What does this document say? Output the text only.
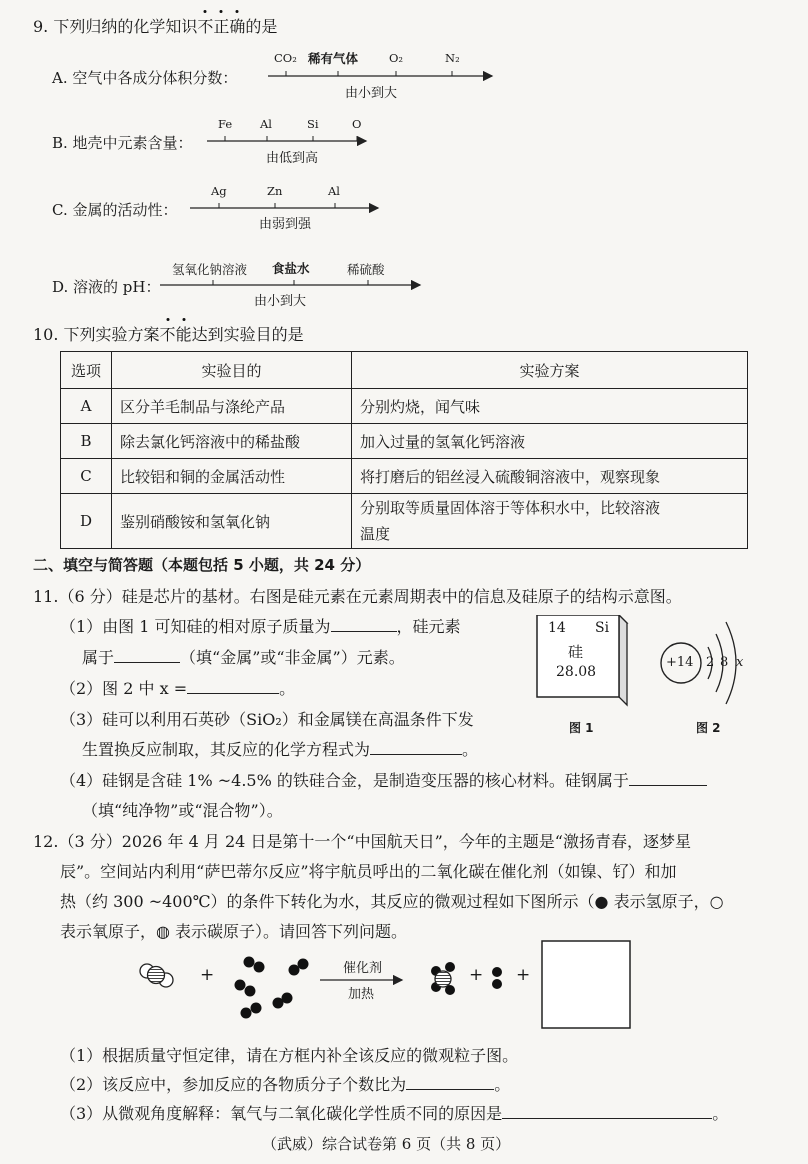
9. 下列归纳的化学知识不正确的是
A. 空气中各成分体积分数：
CO₂ 稀有气体	O₂	N₂
由小到大
B. 地壳中元素含量：
Fe Al	Si	O
由低到高
C. 金属的活动性：
Ag	Zn	Al
由弱到强
D. 溶液的 pH：
氢氧化钠溶液 食盐水	稀硫酸
由小到大
10. 下列实验方案不能达到实验目的是
选项	实验目的	实验方案
A	区分羊毛制品与涤纶产品	分别灼烧，闻气味
B	除去氯化钙溶液中的稀盐酸	加入过量的氢氧化钙溶液
C	比较铝和铜的金属活动性	将打磨后的铝丝浸入硫酸铜溶液中，观察现象
D	鉴别硝酸铵和氢氧化钠	分别取等质量固体溶于等体积水中，比较溶液
温度
二、填空与简答题（本题包括 5 小题，共 24 分）
11.（6 分）硅是芯片的基材。右图是硅元素在元素周期表中的信息及硅原子的结构示意图。
（1）由图 1 可知硅的相对原子质量为	，硅元素
属于	（填“金属”或“非金属”）元素。
（2）图 2 中 x =	。
（3）硅可以利用石英砂（SiO₂）和金属镁在高温条件下发
生置换反应制取，其反应的化学方程式为	。
（4）硅钢是含硅 1% ~4.5% 的铁硅合金，是制造变压器的核心材料。硅钢属于
（填“纯净物”或“混合物”）。
14 Si
硅
28.08
图 1
+14 2 8 x
图 2
12.（3 分）2026 年 4 月 24 日是第十一个“中国航天日”，今年的主题是“激扬青春，逐梦星
辰”。空间站内利用“萨巴蒂尔反应”将宇航员呼出的二氧化碳在催化剂（如镍、钌）和加
热（约 300 ~400℃）的条件下转化为水，其反应的微观过程如下图所示（● 表示氢原子，○
表示氧原子，◍ 表示碳原子）。请回答下列问题。
+	+ +
催化剂
加热
（1）根据质量守恒定律，请在方框内补全该反应的微观粒子图。
（2）该反应中，参加反应的各物质分子个数比为	。
（3）从微观角度解释：氧气与二氧化碳化学性质不同的原因是	。
（武威）综合试卷第 6 页（共 8 页）
